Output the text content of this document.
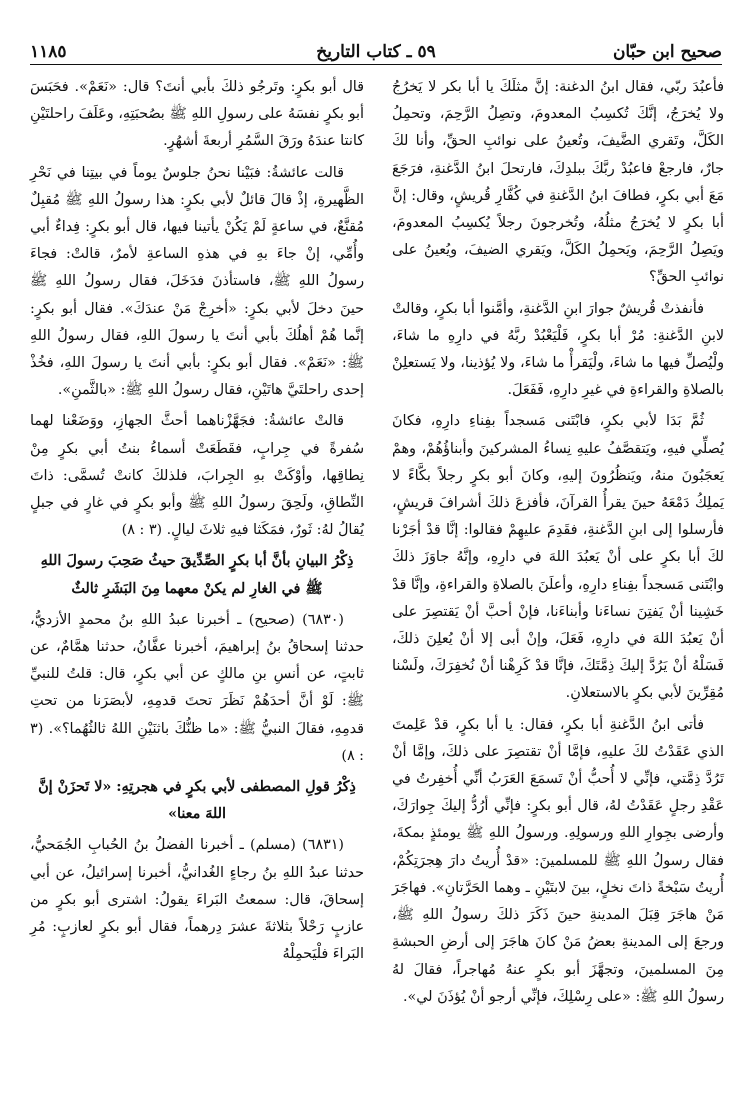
صحيح ابن حبّان
٥٩ ـ كتاب التاريخ
١١٨٥

فأعبُدَ ربّي، فقال ابنُ الدغنة: إنَّ مثلَكَ يا أبا بكر لا يَخرُجُ ولا يُخرَجُ، إنَّكَ تُكسِبُ المعدومَ، وتصِلُ الرَّحِمَ، وتحمِلُ الكَلَّ، وتَقري الضَّيفَ، وتُعينُ على نوائبِ الحقِّ، وأنا لكَ جارٌ، فارجعْ فاعبُدْ ربَّكَ ببلدِكَ، فارتحلَ ابنُ الدَّغنةِ، فرَجَعَ مَعَ أبي بكرٍ، فطافَ ابنُ الدَّغنةِ في كُفَّارِ قُريشٍ، وقال: إنَّ أبا بكرٍ لا يُخرَجُ مثلُهُ، وتُخرجونَ رجلاً يُكسِبُ المعدومَ، ويَصِلُ الرَّحِمَ، ويَحمِلُ الكَلَّ، ويَقري الضيفَ، ويُعينُ على نوائبِ الحقِّ؟

فأنفذتْ قُريشٌ جوارَ ابنِ الدَّغنةِ، وأمَّنوا أبا بكرٍ، وقالتْ لابنِ الدَّغنةِ: مُرْ أبا بكرٍ، فَلْيَعْبُدْ ربَّهُ في دارِهِ ما شاءَ، ولْيُصلِّ فيها ما شاءَ، ولْيَقرأْ ما شاءَ، ولا يُؤذينا، ولا يَستعلِنْ بالصلاةِ والقراءةِ في غيرِ دارِهِ، فَفَعَلَ.

ثُمَّ بَدَا لأبي بكرٍ، فابْتَنى مَسجداً بفِناءِ دارِهِ، فكانَ يُصلِّي فيهِ، ويَتقصَّفُ عليهِ نِساءُ المشركينَ وأبناؤُهُمْ، وهمْ يَعجَبُونَ منهُ، ويَنظُرُونَ إليهِ، وكانَ أبو بكرٍ رجلاً بكَّاءً لا يَملِكُ دَمْعَهُ حينَ يقرأُ القرآنَ، فأفزعَ ذلكَ أشرافَ قريشٍ، فأرسلوا إلى ابنِ الدَّغنةِ، فقَدِمَ عليهِمْ فقالوا: إنَّا قدْ أجَرْنا لكَ أبا بكرٍ على أنْ يَعبُدَ اللهَ في دارِهِ، وإنَّهُ جاوَزَ ذلكَ وابْتَنى مَسجداً بفِناءِ دارِهِ، وأعلَنَ بالصلاةِ والقراءةِ، وإنَّا قدْ خَشِينا أنْ يَفتِنَ نساءَنا وأبناءَنا، فإنْ أحبَّ أنْ يَقتصِرَ على أنْ يَعبُدَ اللهَ في دارِهِ، فَعَلَ، وإنْ أبى إلا أنْ يُعلِنَ ذلكَ، فَسَلْهُ أنْ يَرُدَّ إليكَ ذِمَّتَكَ، فإنَّا قدْ كَرِهْنا أنْ نُخفِرَكَ، ولَسْنا مُقِرِّينَ لأبي بكرٍ بالاستعلانِ.

فأتى ابنُ الدَّغنةِ أبا بكرٍ، فقال: يا أبا بكرٍ، قدْ عَلِمتَ الذي عَقَدْتُ لكَ عليهِ، فإمَّا أنْ تقتصِرَ على ذلكَ، وإمَّا أنْ تَرُدَّ ذِمَّتي، فإنِّي لا أُحبُّ أنْ تَسمَعَ العَرَبُ أنِّي أُخفِرتُ في عَقْدِ رجلٍ عَقَدْتُ لهُ، قال أبو بكرٍ: فإنِّي أرُدُّ إليكَ جِوارَكَ، وأرضى بجِوارِ اللهِ ورسولِهِ. ورسولُ اللهِ ﷺ يومئذٍ بمكةَ، فقال رسولُ اللهِ ﷺ للمسلمينَ: «قدْ أُريتُ دارَ هِجرَتِكُمْ، أُريتُ سَبْخةً ذاتَ نخلٍ، بينَ لابتَيْنِ ـ وهما الحَرَّتانِ». فهاجَرَ مَنْ هاجَرَ قِبَلَ المدينةِ حينَ ذَكَرَ ذلكَ رسولُ اللهِ ﷺ، ورجعَ إلى المدينةِ بعضُ مَنْ كانَ هاجَرَ إلى أرضِ الحبشةِ مِنَ المسلمينَ، وتجهَّزَ أبو بكرٍ عنهُ مُهاجراً، فقالَ لهُ رسولُ اللهِ ﷺ: «على رِسْلِكَ، فإنِّي أرجو أنْ يُؤذَنَ لي».

قال أبو بكرٍ: وتَرجُو ذلكَ بأبي أنتَ؟ قال: «نَعَمْ». فحَبَسَ أبو بكرٍ نفسَهُ على رسولِ اللهِ ﷺ بصُحبَتِهِ، وعَلَفَ راحلتَيْنِ كانتا عندَهُ ورَقَ السَّمُرِ أربعةَ أشهُرٍ.

قالت عائشةُ: فبَيْنا نحنُ جلوسٌ يوماً في بيتِنا في نَحْرِ الظَّهيرةِ، إذْ قالَ قائلٌ لأبي بكرٍ: هذا رسولُ اللهِ ﷺ مُقبِلٌ مُقنَّعٌ، في ساعةٍ لَمْ يَكُنْ يأتينا فيها، قال أبو بكرٍ: فِداءٌ أبي وأُمِّي، إنْ جاءَ بهِ في هذهِ الساعةِ لأمرٌ، قالتْ: فجاءَ رسولُ اللهِ ﷺ، فاستأذنَ فدَخَلَ، فقال رسولُ اللهِ ﷺ حينَ دخلَ لأبي بكرٍ: «أخرِجْ مَنْ عندَكَ». فقال أبو بكرٍ: إنَّما هُمْ أهلُكَ بأبي أنتَ يا رسولَ اللهِ، فقال رسولُ اللهِ ﷺ: «نَعَمْ». فقال أبو بكرٍ: بأبي أنتَ يا رسولَ اللهِ، فخُذْ إحدى راحلتَيَّ هاتَيْنِ، فقال رسولُ اللهِ ﷺ: «بالثَّمنِ».

قالتْ عائشةُ: فجَهَّزْناهما أحثَّ الجهازِ، ووَضَعْنا لهما سُفرةً في جِرابٍ، فقَطَعَتْ أسماءُ بنتُ أبي بكرٍ مِنْ نِطاقِها، وأوْكَتْ بهِ الجِرابَ، فلذلكَ كانتْ تُسمَّى: ذاتَ النِّطاقِ، ولَحِقَ رسولُ اللهِ ﷺ وأبو بكرٍ في غارٍ في جبلٍ يُقالُ لهُ: ثَورٌ، فمَكَثا فيهِ ثلاثَ ليالٍ. (٣ : ٨)

ذِكْرُ البيانِ بأنَّ أبا بكرٍ الصِّدِّيقَ حيثُ صَحِبَ رسولَ اللهِ ﷺ في الغارِ لم يكنْ معهما مِنَ البَشَرِ ثالثٌ

(٦٨٣٠) (صحيح) ـ أخبرنا عبدُ اللهِ بنُ محمدٍ الأزديُّ، حدثنا إسحاقُ بنُ إبراهيمَ، أخبرنا عفَّانُ، حدثنا همَّامٌ، عن ثابتٍ، عن أنسِ بنِ مالكٍ عن أبي بكرٍ، قال: قلتُ للنبيِّ ﷺ: لَوْ أنَّ أحدَهُمْ نَظَرَ تحتَ قدمِهِ، لأبصَرَنا من تحتِ قدمِهِ، فقالَ النبيُّ ﷺ: «ما ظنُّكَ باثنَيْنِ اللهُ ثالثُهُما؟». (٣ : ٨)

ذِكْرُ قولِ المصطفى لأبي بكرٍ في هجرتِهِ: «لا تَحزَنْ إنَّ اللهَ معنا»

(٦٨٣١) (مسلم) ـ أخبرنا الفضلُ بنُ الحُبابِ الجُمَحيُّ، حدثنا عبدُ اللهِ بنُ رجاءٍ الغُدانيُّ، أخبرنا إسرائيلُ، عن أبي إسحاقَ، قال: سمعتُ البَراءَ يقولُ: اشترى أبو بكرٍ من عازبٍ رَحْلاً بثلاثةَ عشرَ دِرهماً، فقال أبو بكرٍ لعازبٍ: مُرِ البَراءَ فلْيَحمِلْهُ
